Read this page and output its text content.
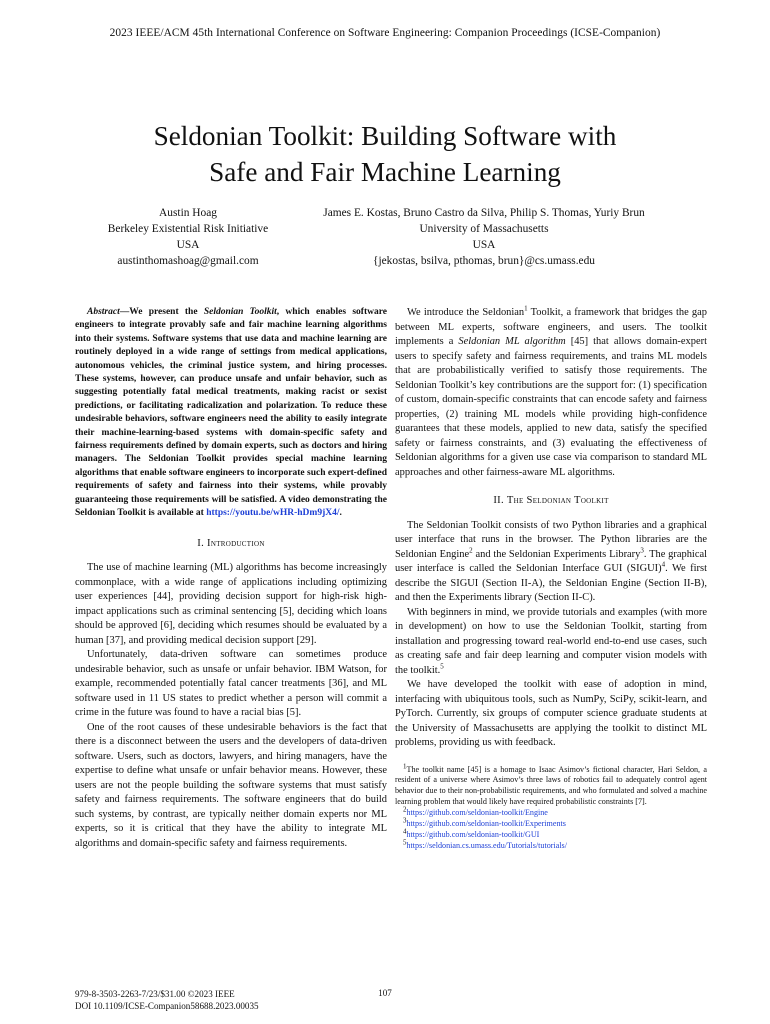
2023 IEEE/ACM 45th International Conference on Software Engineering: Companion Proceedings (ICSE-Companion)
Seldonian Toolkit: Building Software with
Safe and Fair Machine Learning
Austin Hoag
Berkeley Existential Risk Initiative
USA
austinthomashoag@gmail.com
James E. Kostas, Bruno Castro da Silva, Philip S. Thomas, Yuriy Brun
University of Massachusetts
USA
{jekostas, bsilva, pthomas, brun}@cs.umass.edu

Abstract—We present the Seldonian Toolkit, which enables software engineers to integrate provably safe and fair machine learning algorithms into their systems. Software systems that use data and machine learning are routinely deployed in a wide range of settings from medical applications, autonomous vehicles, the criminal justice system, and hiring processes. These systems, however, can produce unsafe and unfair behavior, such as suggesting potentially fatal medical treatments, making racist or sexist predictions, or facilitating radicalization and polarization. To reduce these undesirable behaviors, software engineers need the ability to easily integrate their machine-learning-based systems with domain-specific safety and fairness requirements defined by domain experts, such as doctors and hiring managers. The Seldonian Toolkit provides special machine learning algorithms that enable software engineers to incorporate such expert-defined requirements of safety and fairness into their systems, while provably guaranteeing those requirements will be satisfied. A video demonstrating the Seldonian Toolkit is available at https://youtu.be/wHR-hDm9jX4/.

I. Introduction

The use of machine learning (ML) algorithms has become increasingly commonplace, with a wide range of applications including optimizing user experiences [44], providing decision support for high-risk high-impact applications such as criminal sentencing [5], deciding which loans should be approved [6], deciding which resumes should be evaluated by a human [37], and providing medical decision support [29].

Unfortunately, data-driven software can sometimes produce undesirable behavior, such as unsafe or unfair behavior. IBM Watson, for example, recommended potentially fatal cancer treatments [36], and ML software used in 11 US states to predict whether a person will commit a crime in the future was found to have a racial bias [5].

One of the root causes of these undesirable behaviors is the fact that there is a disconnect between the users and the developers of data-driven software. Users, such as doctors, lawyers, and hiring managers, have the expertise to define what unsafe or unfair behavior means. However, these users are not the people building the software systems that must satisfy safety and fairness requirements. The software engineers that do build such systems, by contrast, are typically neither domain experts nor ML experts, so it is critical that they have the ability to integrate ML algorithms and domain-specific safety and fairness requirements.

We introduce the Seldonian$^1$ Toolkit, a framework that bridges the gap between ML experts, software engineers, and users. The toolkit implements a Seldonian ML algorithm [45] that allows domain-expert users to specify safety and fairness requirements, and trains ML models that are probabilistically verified to satisfy those requirements. The Seldonian Toolkit’s key contributions are the support for: (1) specification of custom, domain-specific constraints that can encode safety and fairness properties, (2) training ML models while providing high-confidence guarantees that these models, applied to new data, satisfy the specified safety or fairness constraints, and (3) evaluating the effectiveness of Seldonian algorithms for a given use case via comparison to standard ML approaches and other fairness-aware ML algorithms.

II. The Seldonian Toolkit

The Seldonian Toolkit consists of two Python libraries and a graphical user interface that runs in the browser. The Python libraries are the Seldonian Engine$^2$ and the Seldonian Experiments Library$^3$. The graphical user interface is called the Seldonian Interface GUI (SIGUI)$^4$. We first describe the SIGUI (Section II-A), the Seldonian Engine (Section II-B), and then the Experiments library (Section II-C).

With beginners in mind, we provide tutorials and examples (with more in development) on how to use the Seldonian Toolkit, starting from installation and progressing toward real-world end-to-end use cases, such as creating safe and fair deep learning and computer vision models with the toolkit.$^5$

We have developed the toolkit with ease of adoption in mind, interfacing with ubiquitous tools, such as NumPy, SciPy, scikit-learn, and PyTorch. Currently, six groups of computer science graduate students at the University of Massachusetts are applying the toolkit to distinct ML problems, providing us with feedback.

$^1$The toolkit name [45] is a homage to Isaac Asimov’s fictional character, Hari Seldon, a resident of a universe where Asimov’s three laws of robotics fail to adequately control agent behavior due to their non-probabilistic requirements, and who formulated and solved a machine learning problem that would likely have required probabilistic constraints [7].

$^2$https://github.com/seldonian-toolkit/Engine

$^3$https://github.com/seldonian-toolkit/Experiments

$^4$https://github.com/seldonian-toolkit/GUI

$^5$https://seldonian.cs.umass.edu/Tutorials/tutorials/

979-8-3503-2263-7/23/$31.00 ©2023 IEEE
DOI 10.1109/ICSE-Companion58688.2023.00035
107
